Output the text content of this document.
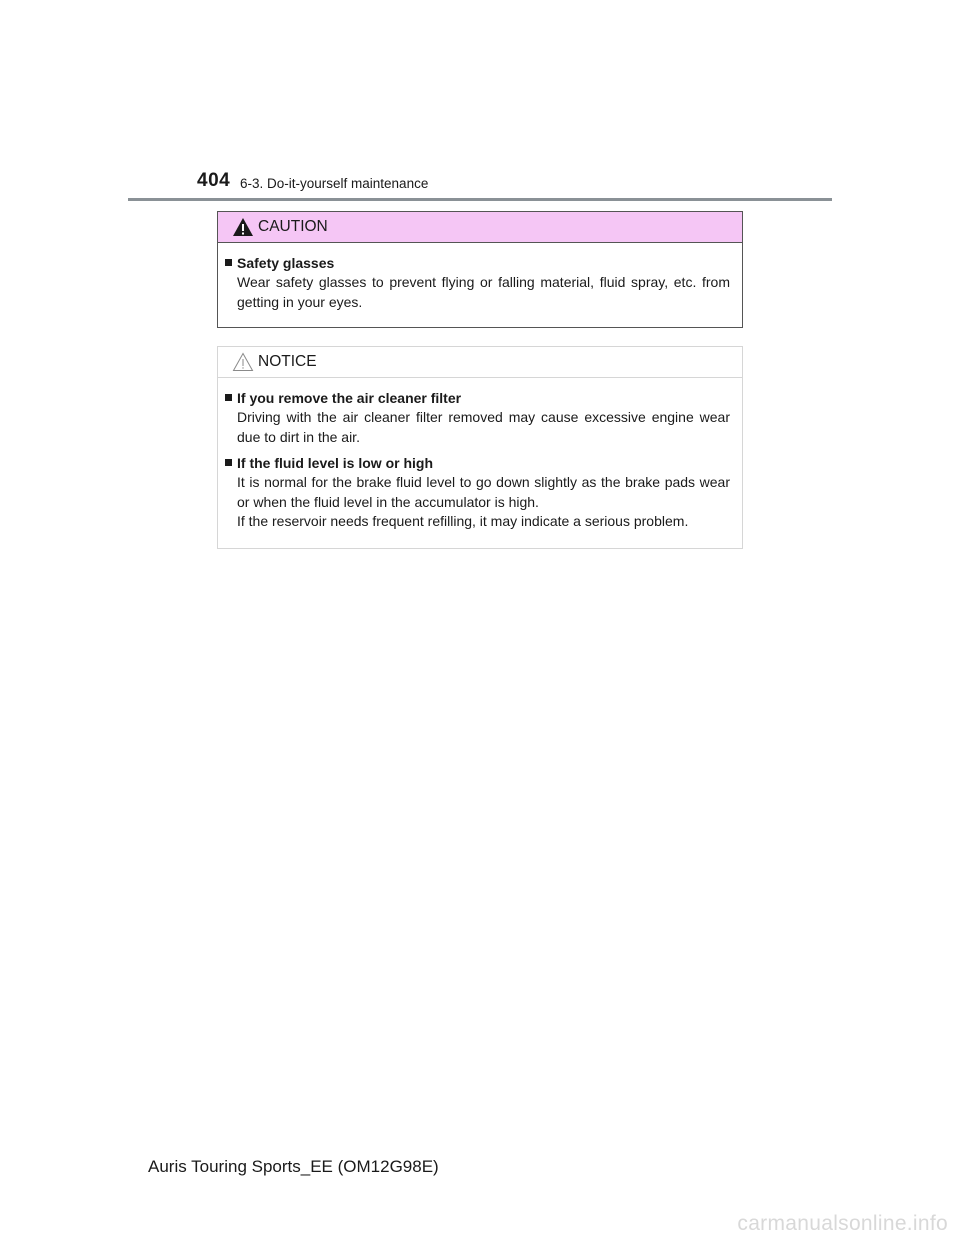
404 6-3. Do-it-yourself maintenance
CAUTION
Safety glasses

Wear safety glasses to prevent flying or falling material, fluid spray, etc. from getting in your eyes.

NOTICE
If you remove the air cleaner filter

Driving with the air cleaner filter removed may cause excessive engine wear due to dirt in the air.

If the fluid level is low or high

It is normal for the brake fluid level to go down slightly as the brake pads wear or when the fluid level in the accumulator is high.

If the reservoir needs frequent refilling, it may indicate a serious problem.

Auris Touring Sports_EE (OM12G98E)
carmanualsonline.info
